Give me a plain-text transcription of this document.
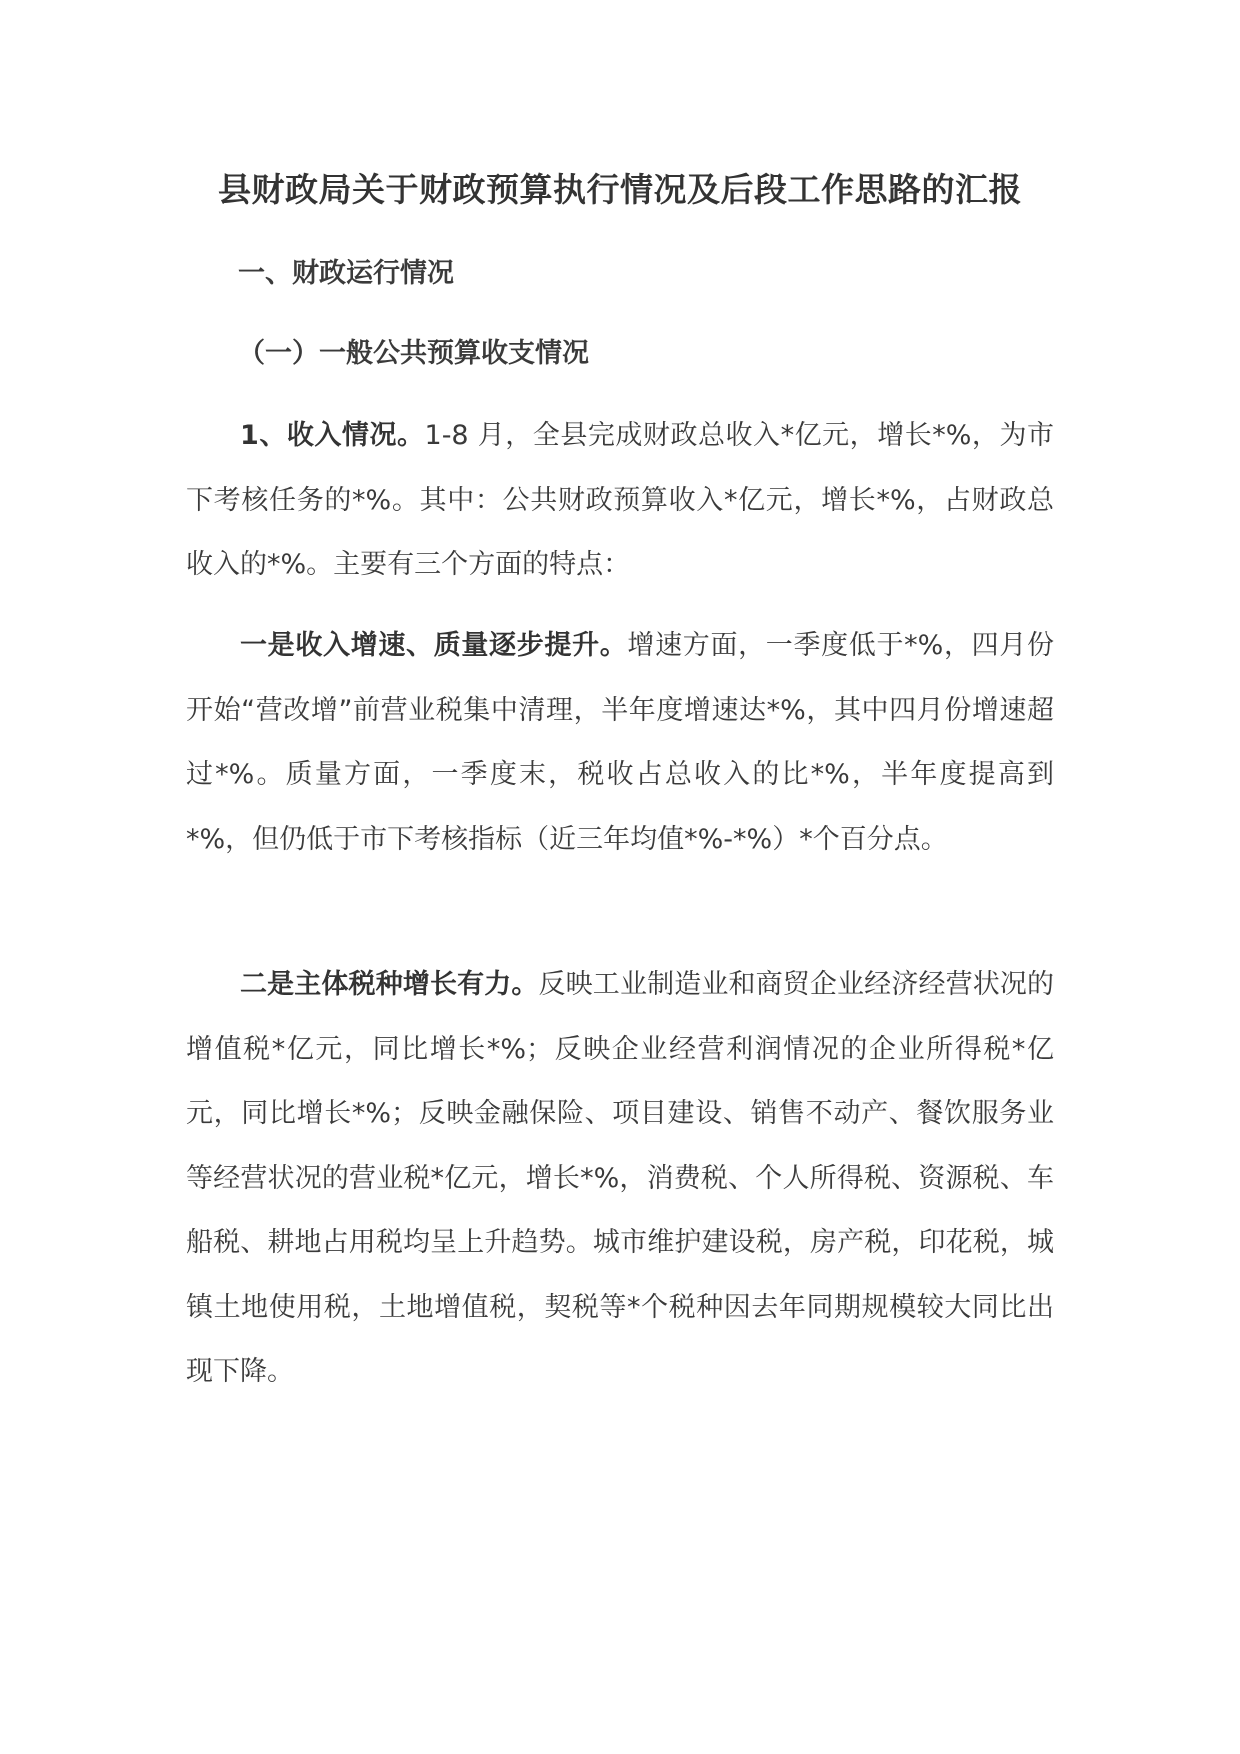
县财政局关于财政预算执行情况及后段工作思路的汇报
一、财政运行情况
（一）一般公共预算收支情况

1、收入情况。1-8 月，全县完成财政总收入*亿元，增长*%，为市下考核任务的*%。其中：公共财政预算收入*亿元，增长*%，占财政总收入的*%。主要有三个方面的特点：

一是收入增速、质量逐步提升。增速方面，一季度低于*%，四月份开始“营改增”前营业税集中清理，半年度增速达*%，其中四月份增速超过*%。质量方面，一季度末，税收占总收入的比*%，半年度提高到*%，但仍低于市下考核指标（近三年均值*%-*%）*个百分点。

二是主体税种增长有力。反映工业制造业和商贸企业经济经营状况的增值税*亿元，同比增长*%；反映企业经营利润情况的企业所得税*亿元，同比增长*%；反映金融保险、项目建设、销售不动产、餐饮服务业等经营状况的营业税*亿元，增长*%，消费税、个人所得税、资源税、车船税、耕地占用税均呈上升趋势。城市维护建设税，房产税，印花税，城镇土地使用税，土地增值税，契税等*个税种因去年同期规模较大同比出现下降。
